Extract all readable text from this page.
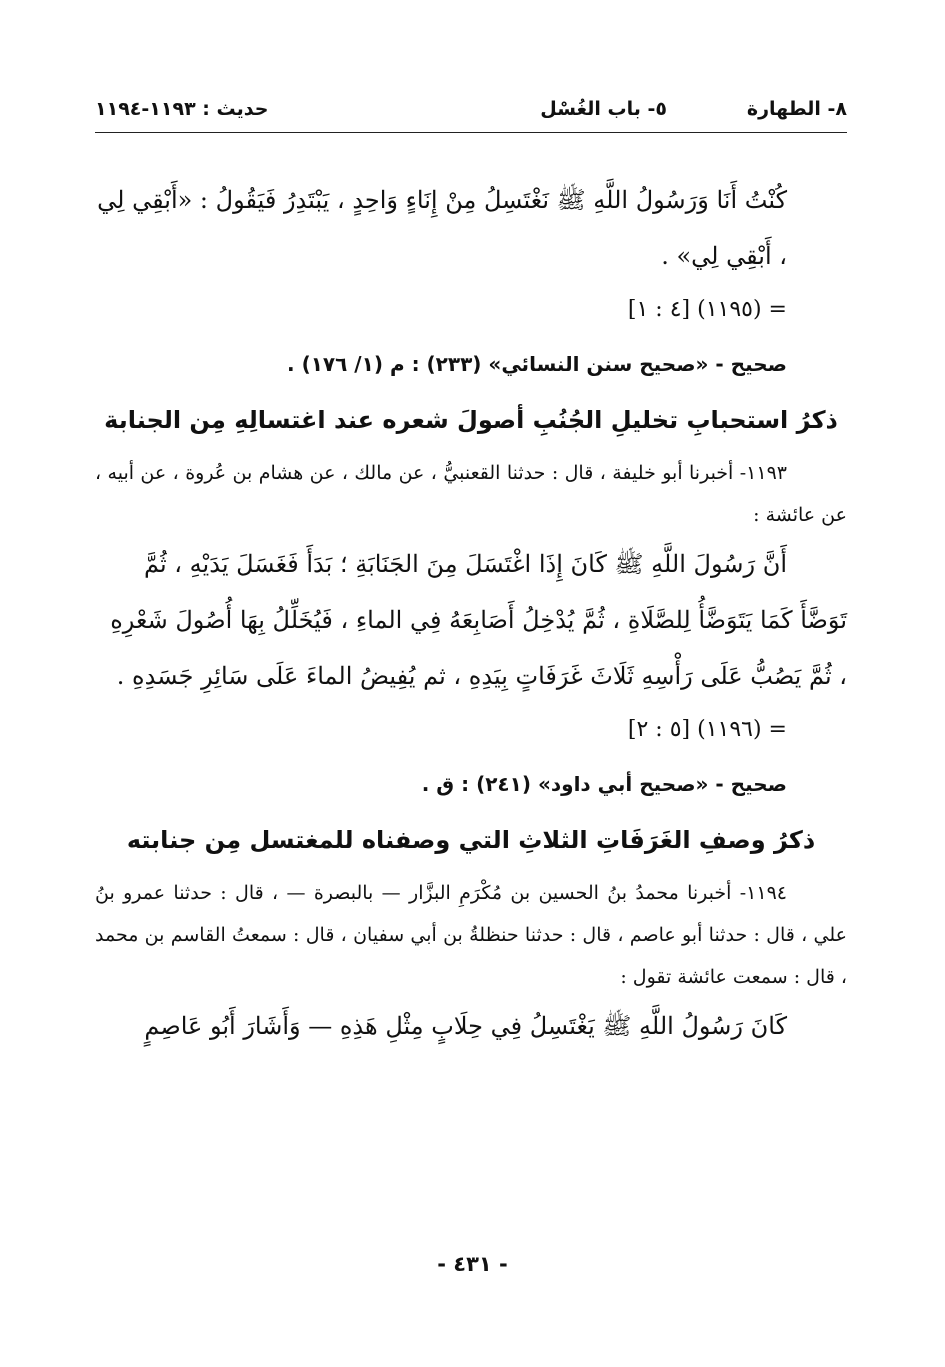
٨- الطهارة
٥- باب الغُسْل
حديث : ١١٩٣-١١٩٤

كُنْتُ أَنَا وَرَسُولُ اللَّهِ ﷺ نَغْتَسِلُ مِنْ إِنَاءٍ وَاحِدٍ ، يَبْتَدِرُ فَيَقُولُ : «أَبْقِي لِي ، أَبْقِي لِي» .

= (١١٩٥) [٤ : ١]

صحيح - «صحيح سنن النسائي» (٢٣٣) : م (١/ ١٧٦) .

ذكرُ استحبابِ تخليلِ الجُنُبِ أصولَ شعره عند اغتسالِهِ مِن الجنابة

١١٩٣- أخبرنا أبو خليفة ، قال : حدثنا القعنبيُّ ، عن مالك ، عن هشام بن عُروة ، عن أبيه ، عن عائشة :

أَنَّ رَسُولَ اللَّهِ ﷺ كَانَ إِذَا اغْتَسَلَ مِنَ الجَنَابَةِ ؛ بَدَأَ فَغَسَلَ يَدَيْهِ ، ثُمَّ تَوَضَّأَ كَمَا يَتَوَضَّأُ لِلصَّلَاةِ ، ثُمَّ يُدْخِلُ أَصَابِعَهُ فِي الماءِ ، فَيُخَلِّلُ بِهَا أُصُولَ شَعْرِهِ ، ثُمَّ يَصُبُّ عَلَى رَأْسِهِ ثَلَاثَ غَرَفَاتٍ بِيَدِهِ ، ثم يُفِيضُ الماءَ عَلَى سَائِرِ جَسَدِهِ .

= (١١٩٦) [٥ : ٢]

صحيح - «صحيح أبي داود» (٢٤١) : ق .

ذكرُ وصفِ الغَرَفَاتِ الثلاثِ التي وصفناه للمغتسل مِن جنابته

١١٩٤- أخبرنا محمدُ بنُ الحسين بن مُكْرَمِ البزَّار — بالبصرة — ، قال : حدثنا عمرو بنُ علي ، قال : حدثنا أبو عاصم ، قال : حدثنا حنظلةُ بن أبي سفيان ، قال : سمعتُ القاسم بن محمد ، قال : سمعت عائشة تقول :

كَانَ رَسُولُ اللَّهِ ﷺ يَغْتَسِلُ فِي حِلَابٍ مِثْلِ هَذِهِ — وَأَشَارَ أَبُو عَاصِمٍ

- ٤٣١ -
